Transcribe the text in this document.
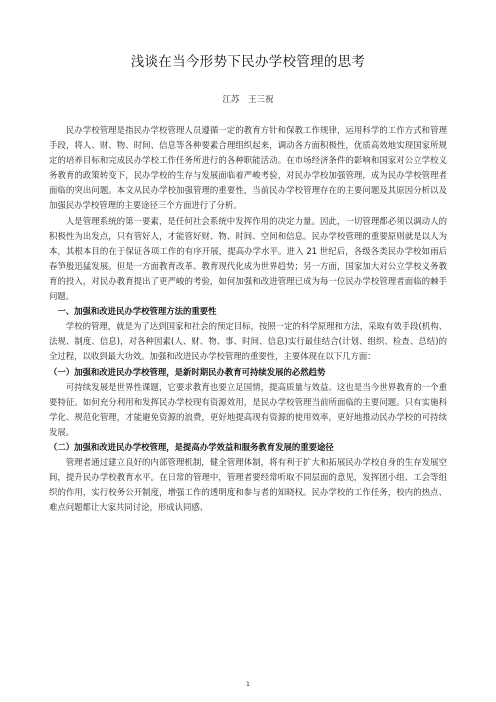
浅谈在当今形势下民办学校管理的思考
江苏　王三祝

民办学校管理是指民办学校管理人员遵循一定的教育方针和保教工作规律，运用科学的工作方式和管理手段，将人、财、物、时间、信息等各种要素合理组织起来，调动各方面积极性，优质高效地实现国家所规定的培养目标和完成民办学校工作任务所进行的各种职能活动。在市场经济条件的影响和国家对公立学校义务教育的政策转变下，民办学校的生存与发展面临着严峻考验，对民办学校加强管理，成为民办学校管理者面临的突出问题。本文从民办学校加强管理的重要性，当前民办学校管理存在的主要问题及其原因分析以及加强民办学校管理的主要途径三个方面进行了分析。

人是管理系统的第一要素，是任何社会系统中发挥作用的决定力量。因此，一切管理都必须以调动人的积极性为出发点，只有管好人，才能管好财、物、时间、空间和信息。民办学校管理的重要原则就是以人为本，其根本目的在于保证各项工作的有序开展，提高办学水平。进入 21 世纪后，各级各类民办学校如雨后春笋般迅猛发展。但是一方面教育改革、教育现代化成为世界趋势；另一方面，国家加大对公立学校义务教育的投入，对民办教育提出了更严峻的考验，如何加强和改进管理已成为每一位民办学校管理者面临的棘手问题。

一、加强和改进民办学校管理方法的重要性

学校的管理，就是为了达到国家和社会的预定目标，按照一定的科学原理和方法，采取有效手段(机构、法规、制度、信息)，对各种因素(人、财、物、事、时间、信息)实行最佳结合(计划、组织、检查、总结)的全过程，以收到最大功效。加强和改进民办学校管理的重要性，主要体现在以下几方面：

（一）加强和改进民办学校管理，是新时期民办教育可持续发展的必然趋势

可持续发展是世界性课题，它要求教育也要立足国情，提高质量与效益。这也是当今世界教育的一个重要特征。如何充分利用和发挥民办学校现有资源效用，是民办学校管理当前所面临的主要问题。只有实施科学化、规范化管理，才能避免资源的浪费，更好地提高现有资源的使用效率，更好地推动民办学校的可持续发展。

（二）加强和改进民办学校管理，是提高办学效益和服务教育发展的重要途径

管理者通过建立良好的内部管理机制，健全管理体制，将有利于扩大和拓展民办学校自身的生存发展空间，提升民办学校教育水平。在日常的管理中，管理者要经常听取不同层面的意见，发挥团小组、工会等组织的作用，实行校务公开制度，增强工作的透明度和参与者的知晓权。民办学校的工作任务，校内的热点、难点问题都让大家共同讨论，形成认同感、

1
